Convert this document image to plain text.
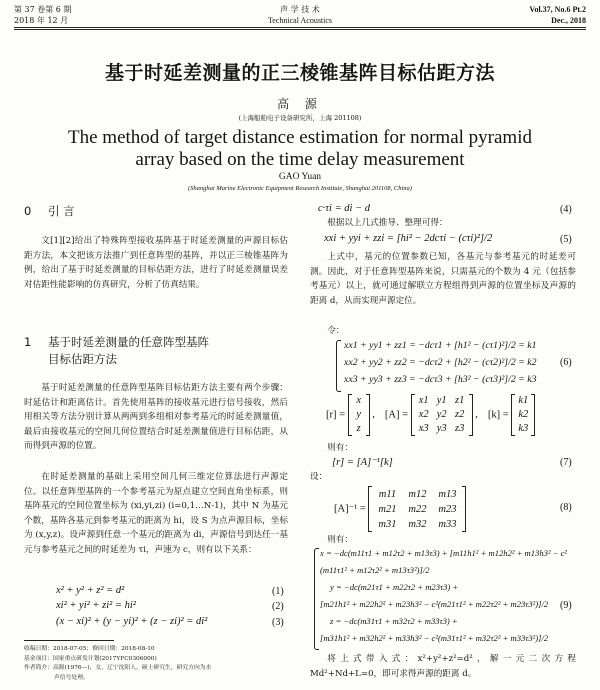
第 37 卷第 6 期
2018 年 12 月
声 学 技 术
Technical Acoustics
Vol.37, No.6 Pt.2
Dec., 2018
基于时延差测量的正三棱锥基阵目标估距方法
高 源
(上海船舶电子设备研究所，上海 201108)
The method of target distance estimation for normal pyramid
array based on the time delay measurement
GAO Yuan
(Shanghai Marine Electronic Equipment Research Institute, Shanghai 201108, China)
0 引 言
文[1][2]给出了特殊阵型接收基阵基于时延差测量的声源目标估距方法，本文把该方法推广到任意阵型的基阵，并以正三棱锥基阵为例，给出了基于时延差测量的目标估距方法，进行了时延差测量误差对估距性能影响的仿真研究，分析了仿真结果。
1 基于时延差测量的任意阵型基阵
目标估距方法
基于时延差测量的任意阵型基阵目标估距方法主要有两个步骤：时延估计和距离估计。首先使用基阵的接收基元进行信号接收，然后用相关等方法分别计算从两两到多组相对参考基元的时延差测量值，最后由接收基元的空间几何位置结合时延差测量值进行目标估距，从而得到声源的位置。
在时延差测量的基础上采用空间几何三维定位算法进行声源定位。以任意阵型基阵的一个参考基元为原点建立空间直角坐标系，则基阵基元的空间位置坐标为 (xi,yi,zi) (i=0,1…N-1)，其中 N 为基元个数，基阵各基元到参考基元的距离为 hi，设 S 为点声源目标，坐标为 (x,y,z)。设声源到任意一个基元的距离为 di，声源信号到达任一基元与参考基元之间的时延差为 τi，声速为 c，则有以下关系：
x² + y² + z² = d²	(1)
xi² + yi² + zi² = hi²	(2)
(x − xi)² + (y − yi)² + (z − zi)² = di²	(3)
收稿日期：2018-07-05；修回日期：2018-08-10
基金项目：国家重点研发计划(2017YFC0306000)
作者简介：高源(1976—)，女，辽宁沈阳人，硕士研究生，研究方向为水
声信号处理。
c·τi = di − d	(4)
根据以上几式推导、整理可得：
xxi + yyi + zzi = [hi² − 2dcτi − (cτi)²]/2	(5)
上式中，基元的位置参数已知，各基元与参考基元的时延差可测。因此，对于任意阵型基阵来说，只需基元的个数为 4 元（包括参考基元）以上，就可通过解联立方程组得到声源的位置坐标及声源的距离 d，从而实现声源定位。
令：
xx1 + yy1 + zz1 = −dcτ1 + [h1² − (cτ1)²]/2 = k1
xx2 + yy2 + zz2 = −dcτ2 + [h2² − (cτ2)²]/2 = k2
xx3 + yy3 + zz3 = −dcτ3 + [h3² − (cτ3)²]/2 = k3
(6)
[r] =
x
y
z
, [A] =
x1 y1 z1
x2 y2 z2
x3 y3 z3
, [k] =
k1
k2
k3
则有：
[r] = [A]⁻¹[k]	(7)
设：
[A]⁻¹ =
m11	m12	m13
m21	m22	m23
m31	m32	m33
(8)
则有：
x = −dc(m11τ1 + m12τ2 + m13τ3) + [m11h1² + m12h2² + m13h3² − c²
(m11τ1² + m12τ2² + m13τ3²)]/2
y = −dc(m21τ1 + m22τ2 + m23τ3) +
[m21h1² + m22h2² + m23h3² − c²(m21τ1² + m22τ2² + m23τ3²)]/2
z = −dc(m31τ1 + m32τ2 + m33τ3) +
[m31h1² + m32h2² + m33h3² − c²(m31τ1² + m32τ2² + m33τ3²)]/2
(9)
将上式带入式：x²+y²+z²=d²，解一元二次方程 Md²+Nd+L=0，即可求得声源的距离 d。
